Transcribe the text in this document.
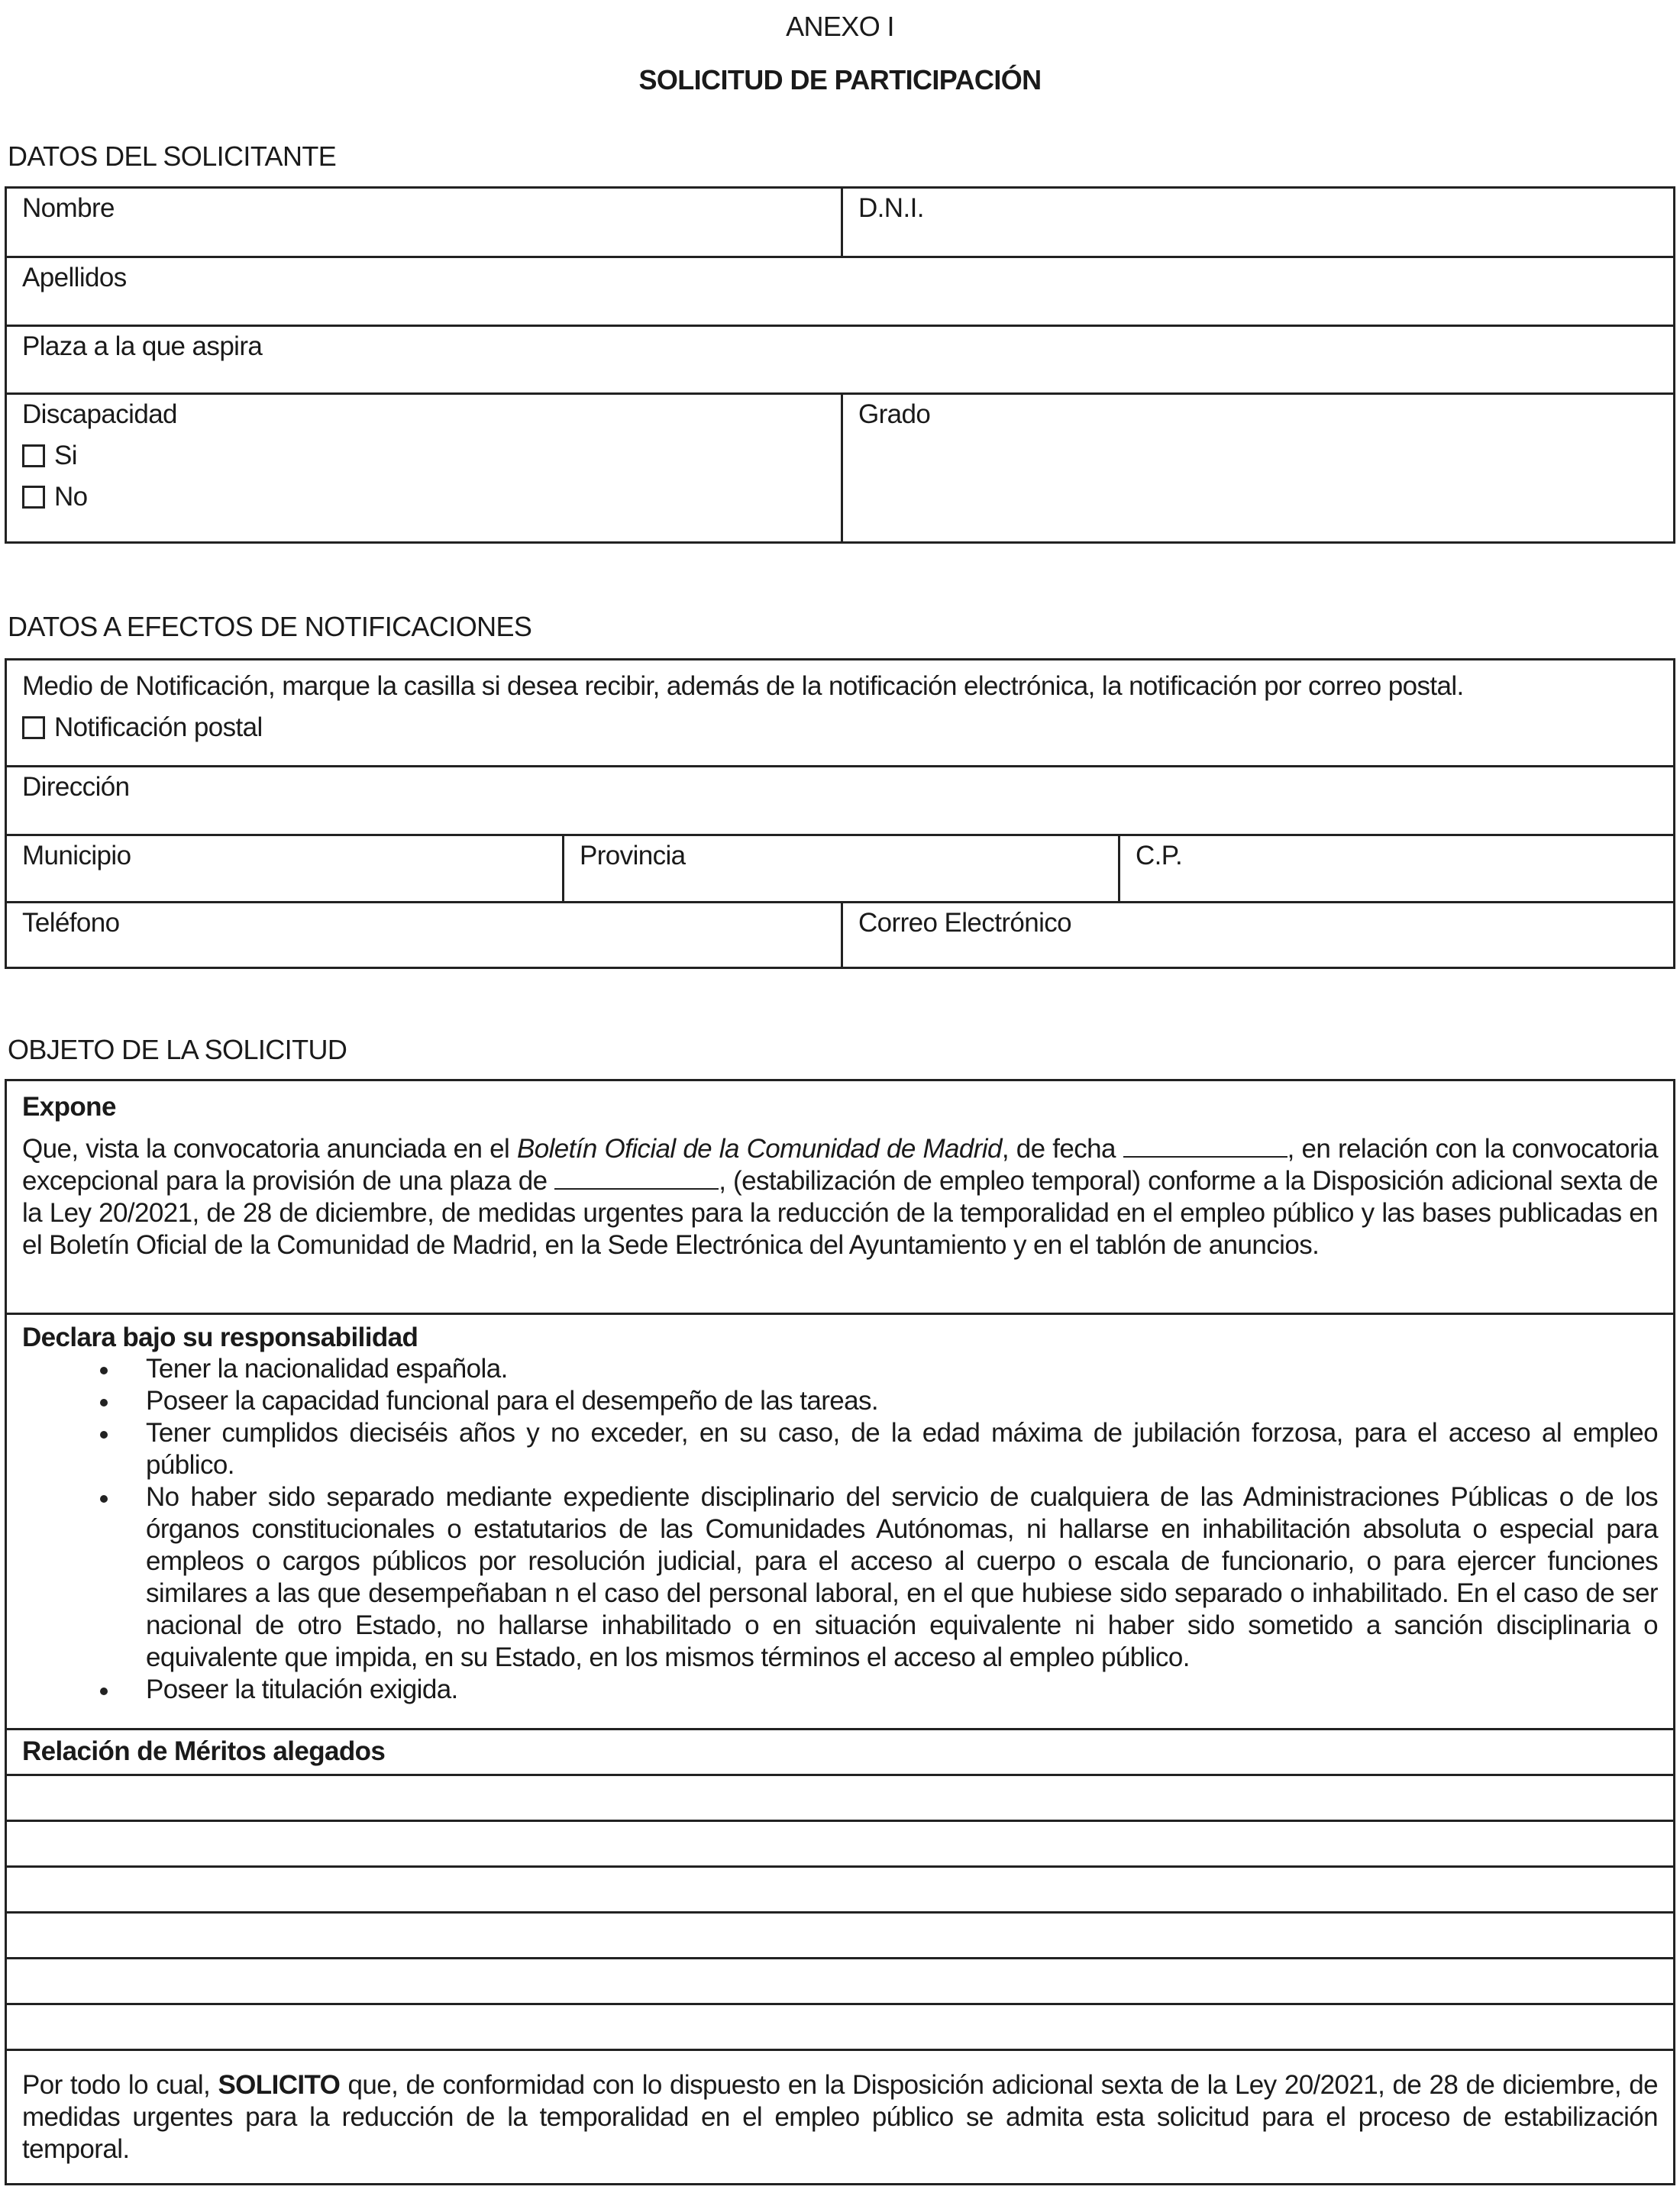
ANEXO I
SOLICITUD DE PARTICIPACIÓN
DATOS DEL SOLICITANTE
Nombre	D.N.I.
Apellidos
Plaza a la que aspira
Discapacidad
Si
No
Grado
DATOS A EFECTOS DE NOTIFICACIONES
Medio de Notificación, marque la casilla si desea recibir, además de la notificación electrónica, la notificación por correo postal.
Notificación postal
Dirección
Municipio	Provincia	C.P.
Teléfono	Correo Electrónico
OBJETO DE LA SOLICITUD
Expone
Que, vista la convocatoria anunciada en el Boletín Oficial de la Comunidad de Madrid, de fecha	, en relación con la convocatoria excepcional para la provisión de una plaza de	, (estabilización de empleo temporal) conforme a la Disposición adicional sexta de la Ley 20/2021, de 28 de diciembre, de medidas urgentes para la reducción de la temporalidad en el empleo público y las bases publicadas en el Boletín Oficial de la Comunidad de Madrid, en la Sede Electrónica del Ayuntamiento y en el tablón de anuncios.
Declara bajo su responsabilidad
Tener la nacionalidad española.
Poseer la capacidad funcional para el desempeño de las tareas.
Tener cumplidos dieciséis años y no exceder, en su caso, de la edad máxima de jubilación forzosa, para el acceso al empleo público.
No haber sido separado mediante expediente disciplinario del servicio de cualquiera de las Administraciones Públicas o de los órganos constitucionales o estatutarios de las Comunidades Autónomas, ni hallarse en inhabilitación absoluta o especial para empleos o cargos públicos por resolución judicial, para el acceso al cuerpo o escala de funcionario, o para ejercer funciones similares a las que desempeñaban n el caso del personal laboral, en el que hubiese sido separado o inhabilitado. En el caso de ser nacional de otro Estado, no hallarse inhabilitado o en situación equivalente ni haber sido sometido a sanción disciplinaria o equivalente que impida, en su Estado, en los mismos términos el acceso al empleo público.
Poseer la titulación exigida.
Relación de Méritos alegados
Por todo lo cual, SOLICITO que, de conformidad con lo dispuesto en la Disposición adicional sexta de la Ley 20/2021, de 28 de diciembre, de medidas urgentes para la reducción de la temporalidad en el empleo público se admita esta solicitud para el proceso de estabilización temporal.
